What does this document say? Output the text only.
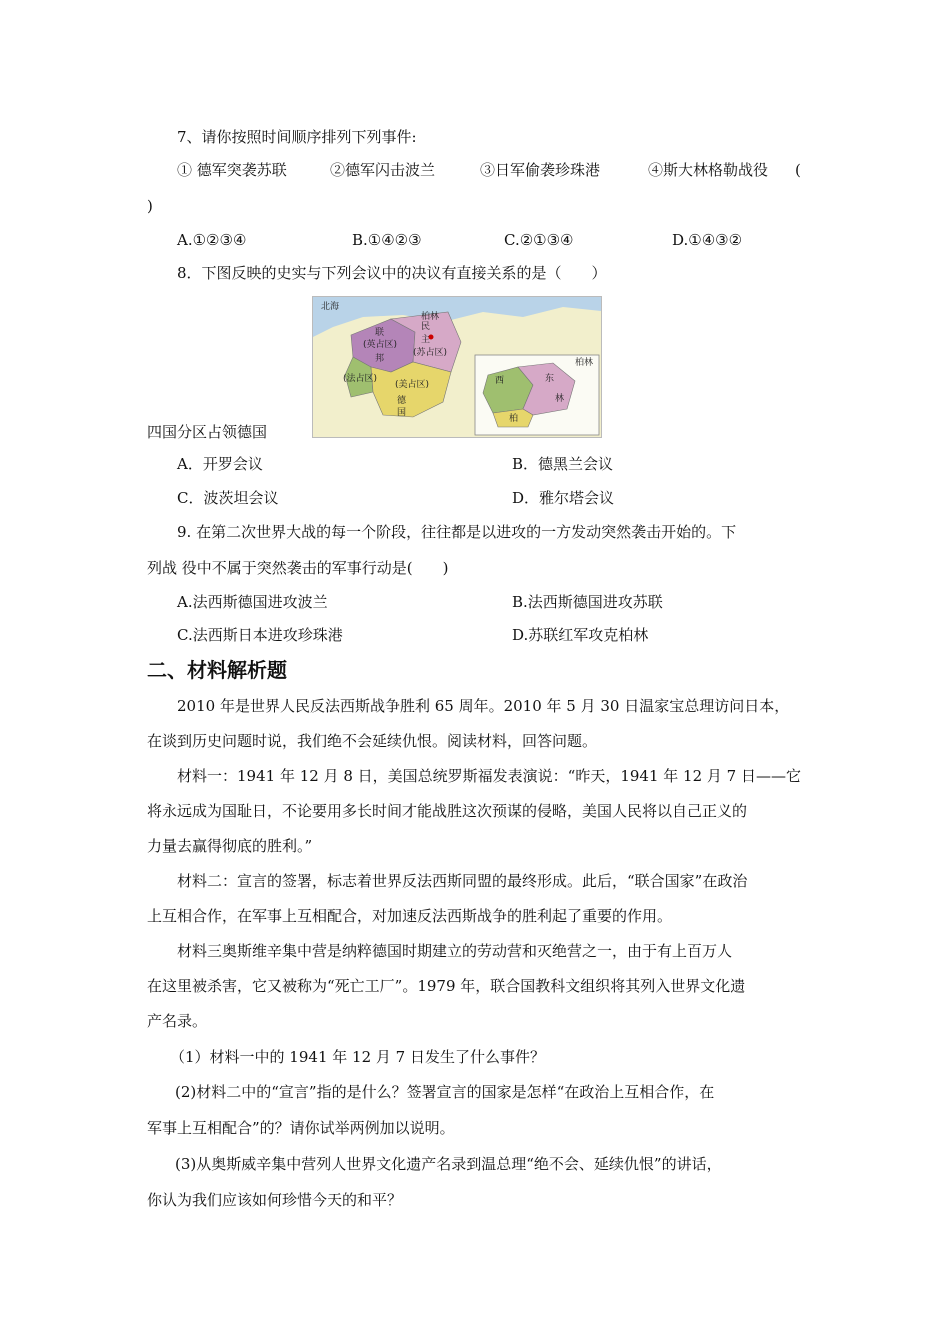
7、请你按照时间顺序排列下列事件:
① 德军突袭苏联	②德军闪击波兰	③日军偷袭珍珠港	④斯大林格勒战役 (
)
A.①②③④	B.①④②③	C.②①③④	D.①④③②
8．下图反映的史实与下列会议中的决议有直接关系的是（　　）
北海
柏林
柏林
联
邦
民
主
德
国
(英占区)
(苏占区)
(法占区)
(美占区)	西	东
柏
林
四国分区占领德国
A．开罗会议	B．德黑兰会议
C．波茨坦会议	D．雅尔塔会议
9. 在第二次世界大战的每一个阶段，往往都是以进攻的一方发动突然袭击开始的。下
列战 役中不属于突然袭击的军事行动是(　　)
A.法西斯德国进攻波兰	B.法西斯德国进攻苏联
C.法西斯日本进攻珍珠港	D.苏联红军攻克柏林
二、材料解析题
2010 年是世界人民反法西斯战争胜利 65 周年。2010 年 5 月 30 日温家宝总理访问日本，
在谈到历史问题时说，我们绝不会延续仇恨。阅读材料，回答问题。
材料一：1941 年 12 月 8 日，美国总统罗斯福发表演说：“昨天，1941 年 12 月 7 日——它
将永远成为国耻日，不论要用多长时间才能战胜这次预谋的侵略，美国人民将以自己正义的
力量去赢得彻底的胜利。”
材料二：宣言的签署，标志着世界反法西斯同盟的最终形成。此后，“联合国家”在政治
上互相合作，在军事上互相配合，对加速反法西斯战争的胜利起了重要的作用。
材料三奥斯维辛集中营是纳粹德国时期建立的劳动营和灭绝营之一，由于有上百万人
在这里被杀害，它又被称为“死亡工厂”。1979 年，联合国教科文组织将其列入世界文化遗
产名录。
（1）材料一中的 1941 年 12 月 7 日发生了什么事件？
(2)材料二中的“宣言”指的是什么？签署宣言的国家是怎样“在政治上互相合作，在
军事上互相配合”的？请你试举两例加以说明。
(3)从奥斯威辛集中营列人世界文化遗产名录到温总理“绝不会、延续仇恨”的讲话，
你认为我们应该如何珍惜今天的和平？
